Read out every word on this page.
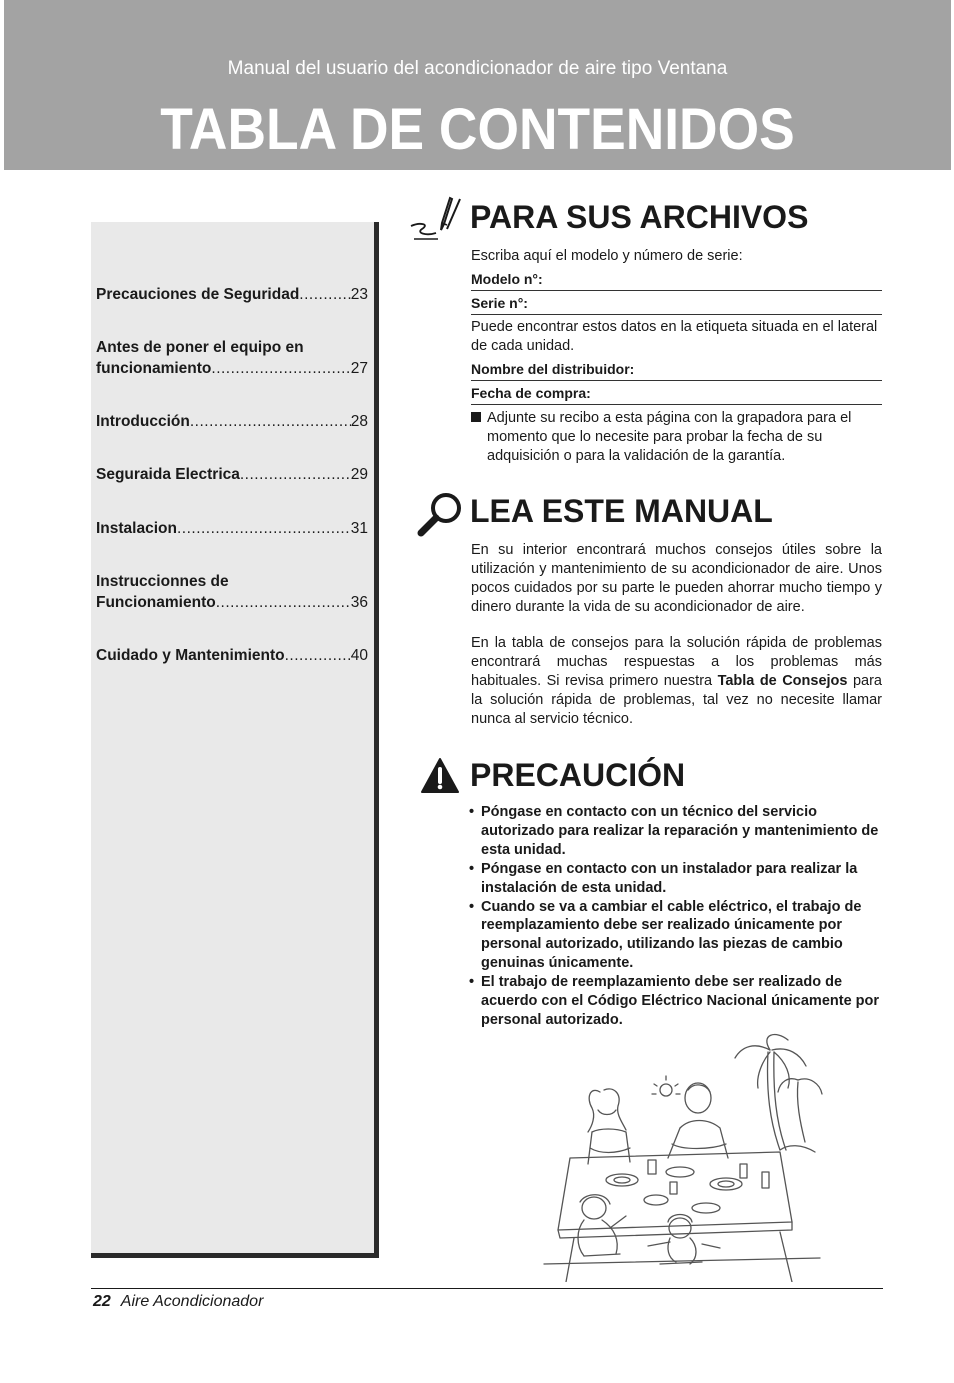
Manual del usuario del acondicionador de aire tipo Ventana
TABLA DE CONTENIDOS
Precauciones de Seguridad .....	23
Antes de poner el equipo en
funcionamiento .....	27
Introducción .....	28
Seguraida Electrica .....	29
Instalacion .....	31
Instruccionnes de
Funcionamiento .....	36
Cuidado y Mantenimiento .....	40
PARA SUS ARCHIVOS
Escriba aquí el modelo y número de serie:
Modelo n°:
Serie n°:
Puede encontrar estos datos en la etiqueta situada en el lateral de cada unidad.
Nombre del distribuidor:
Fecha de compra:
Adjunte su recibo a esta página con la grapadora para el momento que lo necesite para probar la fecha de su adquisición o para la validación de la garantía.
LEA ESTE MANUAL
En su interior encontrará muchos consejos útiles sobre la utilización y mantenimiento de su acondicionador de aire. Unos pocos cuidados por su parte le pueden ahorrar mucho tiempo y dinero durante la vida de su acondicionador de aire.
En la tabla de consejos para la solución rápida de problemas encontrará muchas respuestas a los problemas más habituales. Si revisa primero nuestra Tabla de Consejos para la solución rápida de problemas, tal vez no necesite llamar nunca al servicio técnico.
PRECAUCIÓN
• Póngase en contacto con un técnico del servicio autorizado para realizar la reparación y mantenimiento de esta unidad.
• Póngase en contacto con un instalador para realizar la instalación de esta unidad.
• Cuando se va a cambiar el cable eléctrico, el trabajo de reemplazamiento debe ser realizado únicamente por personal autorizado, utilizando las piezas de cambio genuinas únicamente.
• El trabajo de reemplazamiento debe ser realizado de acuerdo con el Código Eléctrico Nacional únicamente por personal autorizado.
22 Aire Acondicionador
